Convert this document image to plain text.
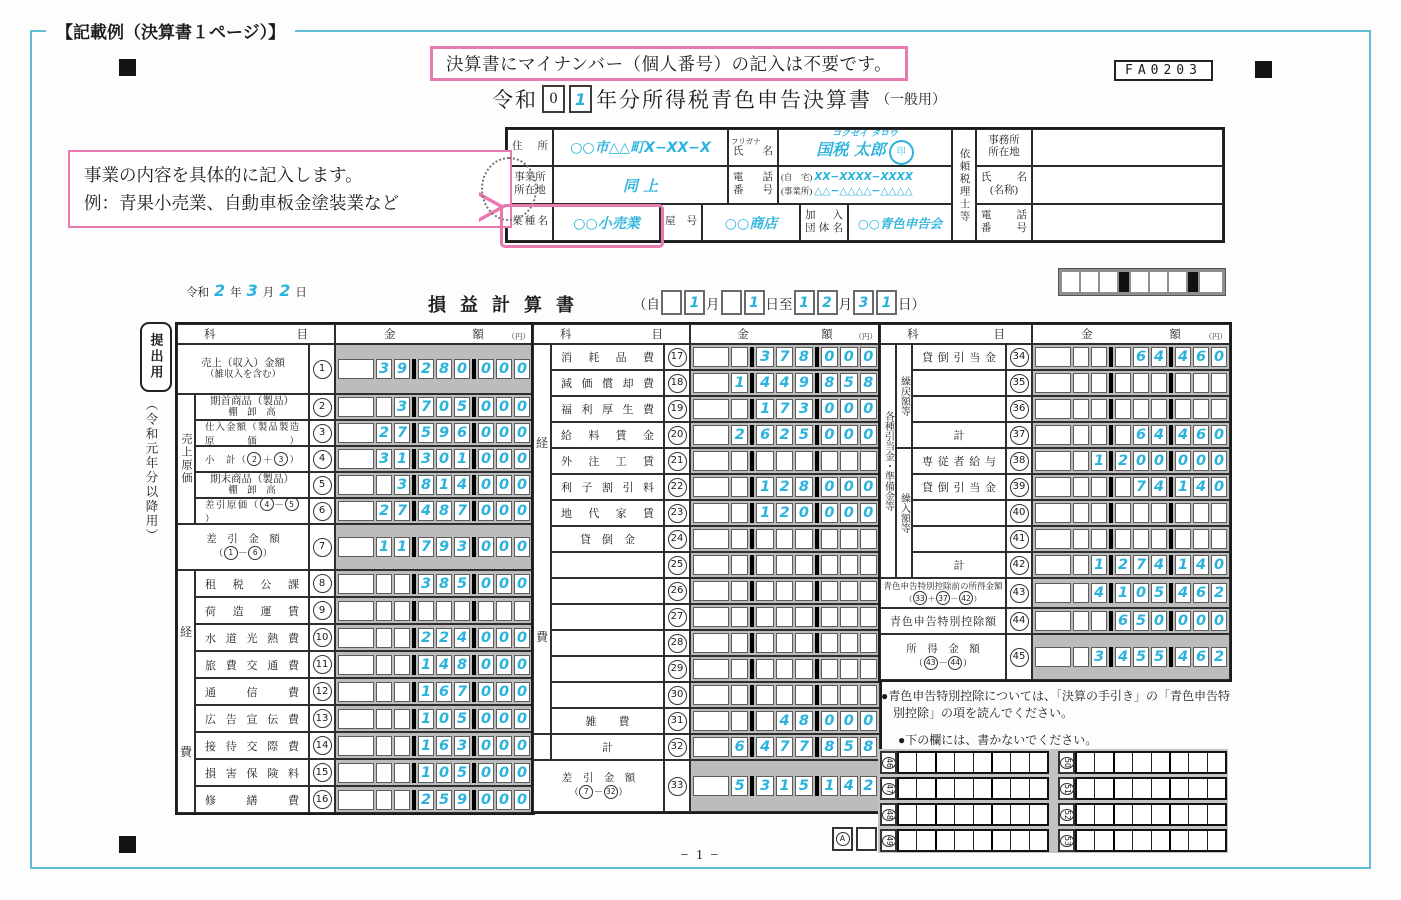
【記載例（決算書１ページ）】
決算書にマイナンバー（個人番号）の記入は不要です。	FA0203
令和 0	1 年分所得税青色申告決算書 （一般用）
事業の内容を具体的に記入します。
例：青果小売業、自動車板金塗装業など
住　所 ○○市△△町X−XX−X	フリガナ
氏　名
コクゼイ タロウ
国税 太郎 印
事業所
所在地	同 上	電　話
番　号
(自　宅) XX−XXXX−XXXX
(事業所) △△−△△△△−△△△△
業種名 ○○小売業	屋　号 ○○商店
加　入
団体名	○○青色申告会
依頼税理士等
事務所
所在地
氏　名
(名称)
電　話
番　号
令和 2 年 3 月 2 日
損益計算書	（自 1 月 1 日至 1 2 月 3 1 日）
提出用
（令和元年分以降用）
科　　　目	金　　額	（円）
売上（収入）金額
（雑収入を含む）
1	3 9 2 8 0 0 0 0
期首商品（製品）
棚　卸　高
2	3 7 0 5 0 0 0
仕入金額（製品製造原価）
3	2 7 5 9 6 0 0 0
小　計（ 2 ＋ 3 ）	4	3 1 3 0 1 0 0 0
期末商品（製品）
棚　卸　高
5	3 8 1 4 0 0 0
差引原価（ 4 － 5）
6	2 7 4 8 7 0 0 0
差　引　金　額
（ 1 － 6 ）
7	1 1 7 9 3 0 0 0
租税公課	8	3 8 5 0 0 0
荷造運賃	9
水道光熱費	10	2 2 4 0 0 0
旅費交通費	11	1 4 8 0 0 0
通信費	12	1 6 7 0 0 0
広告宣伝費	13	1 0 5 0 0 0
接待交際費	14	1 6 3 0 0 0
損害保険料	15	1 0 5 0 0 0
修繕費	16	2 5 9 0 0 0
売上原価
経
費
科　　　目	金　　額	（円）
消耗品費	17	3 7 8 0 0 0
減価償却費	18	1 4 4 9 8 5 8
福利厚生費	19	1 7 3 0 0 0
給料賃金	20	2 6 2 5 0 0 0
外注工賃	21
利子割引料	22	1 2 8 0 0 0
地代家賃	23	1 2 0 0 0 0
貸　倒　金	24
25
26
27
28
29
30
雑　　費	31	4 8 0 0 0
計	32	6 4 7 7 8 5 8
差　引　金　額
（ 7 － 32 ）
33	5 3 1 5 1 4 2
経
費
科　　　目	金　　額	（円）
貸倒引当金	34	6 4 4 6 0
35
36
計	37	6 4 4 6 0
専従者給与	38	1 2 0 0 0 0 0
貸倒引当金	39	7 4 1 4 0
40
41
計	42	1 2 7 4 1 4 0
青色申告特別控除前の所得金額
（ 33 ＋ 37 － 42 ）
43	4 1 0 5 4 6 2
青色申告特別控除額	44	6 5 0 0 0 0
所　得　金　額
（ 43 － 44 ）
45	3 4 5 5 4 6 2
各種引当金・準備金等
繰戻額等
繰入額等
●青色申告特別控除については、「決算の手引き」の「青色申告特別控除」の項を読んでください。
●下の欄には、書かないでください。
46	50
47	51
48	52
49	53
A
− 1 −
